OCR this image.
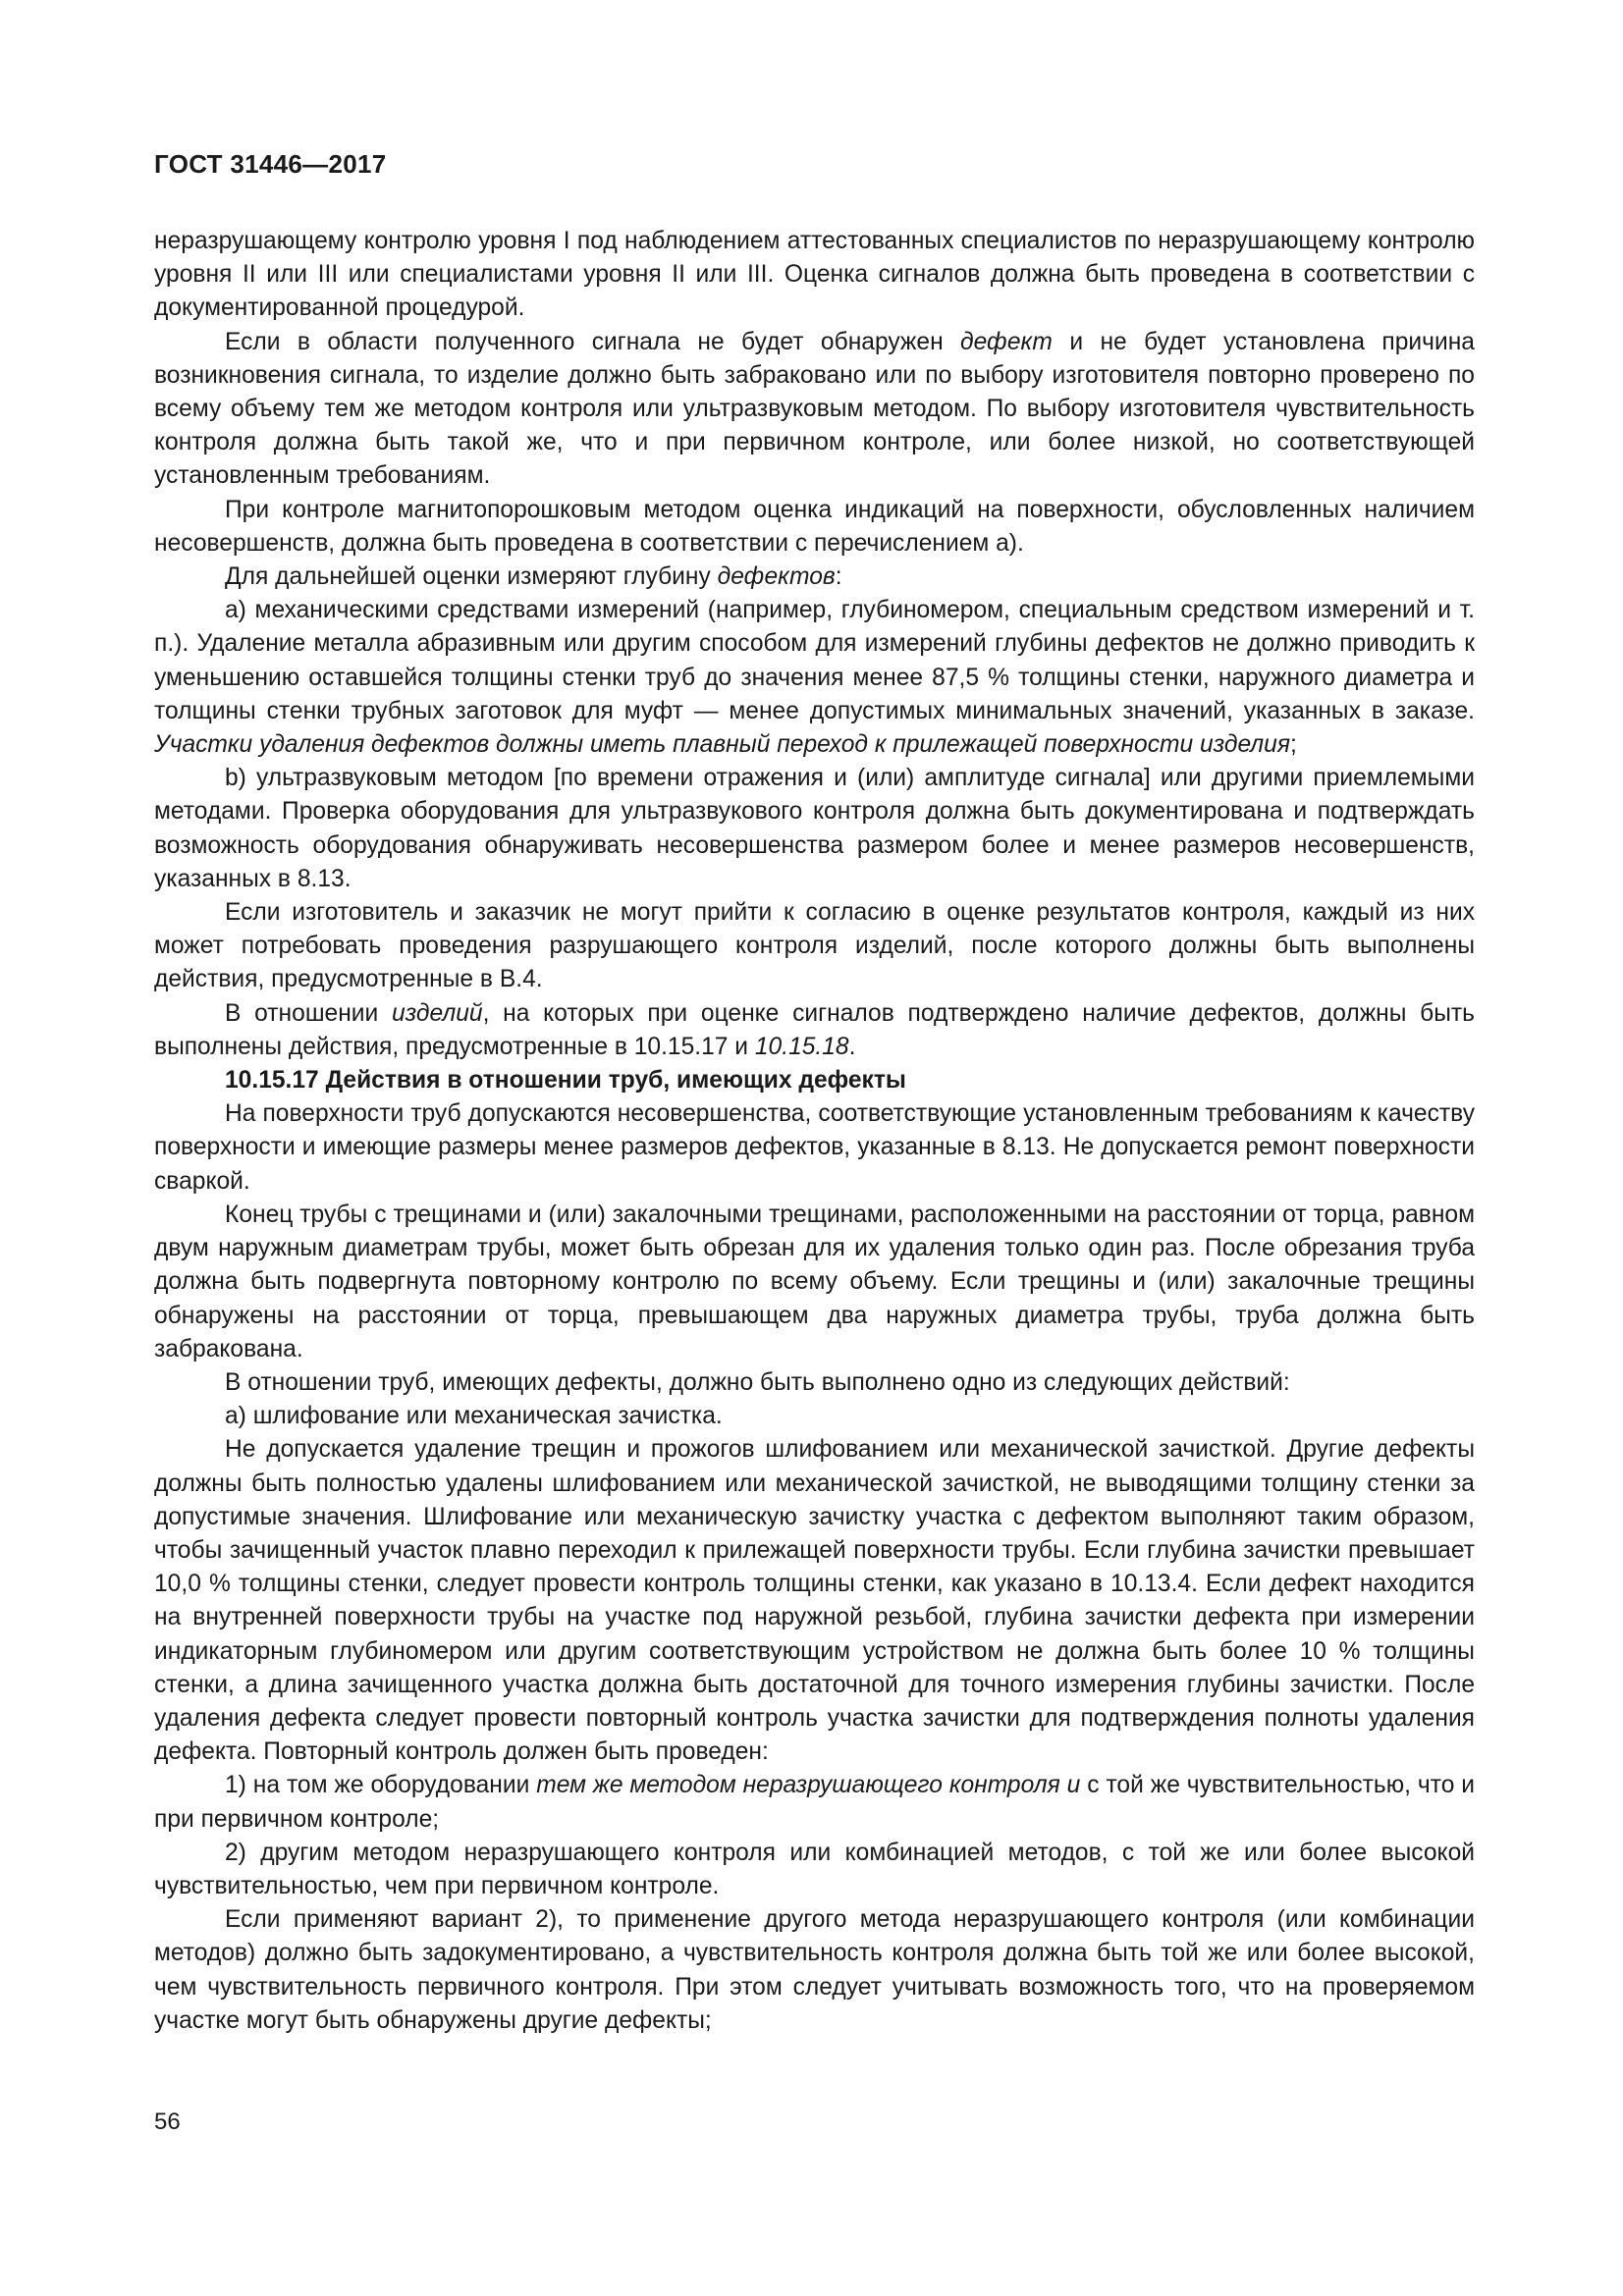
ГОСТ 31446—2017

неразрушающему контролю уровня I под наблюдением аттестованных специалистов по неразрушающему контролю уровня II или III или специалистами уровня II или III. Оценка сигналов должна быть проведена в соответствии с документированной процедурой.

Если в области полученного сигнала не будет обнаружен дефект и не будет установлена причина возникновения сигнала, то изделие должно быть забраковано или по выбору изготовителя повторно проверено по всему объему тем же методом контроля или ультразвуковым методом. По выбору изготовителя чувствительность контроля должна быть такой же, что и при первичном контроле, или более низкой, но соответствующей установленным требованиям.

При контроле магнитопорошковым методом оценка индикаций на поверхности, обусловленных наличием несовершенств, должна быть проведена в соответствии с перечислением а).

Для дальнейшей оценки измеряют глубину дефектов:

a) механическими средствами измерений (например, глубиномером, специальным средством измерений и т. п.). Удаление металла абразивным или другим способом для измерений глубины дефектов не должно приводить к уменьшению оставшейся толщины стенки труб до значения менее 87,5 % толщины стенки, наружного диаметра и толщины стенки трубных заготовок для муфт — менее допустимых минимальных значений, указанных в заказе. Участки удаления дефектов должны иметь плавный переход к прилежащей поверхности изделия;

b) ультразвуковым методом [по времени отражения и (или) амплитуде сигнала] или другими приемлемыми методами. Проверка оборудования для ультразвукового контроля должна быть документирована и подтверждать возможность оборудования обнаруживать несовершенства размером более и менее размеров несовершенств, указанных в 8.13.

Если изготовитель и заказчик не могут прийти к согласию в оценке результатов контроля, каждый из них может потребовать проведения разрушающего контроля изделий, после которого должны быть выполнены действия, предусмотренные в В.4.

В отношении изделий, на которых при оценке сигналов подтверждено наличие дефектов, должны быть выполнены действия, предусмотренные в 10.15.17 и 10.15.18.

10.15.17 Действия в отношении труб, имеющих дефекты

На поверхности труб допускаются несовершенства, соответствующие установленным требованиям к качеству поверхности и имеющие размеры менее размеров дефектов, указанные в 8.13. Не допускается ремонт поверхности сваркой.

Конец трубы с трещинами и (или) закалочными трещинами, расположенными на расстоянии от торца, равном двум наружным диаметрам трубы, может быть обрезан для их удаления только один раз. После обрезания труба должна быть подвергнута повторному контролю по всему объему. Если трещины и (или) закалочные трещины обнаружены на расстоянии от торца, превышающем два наружных диаметра трубы, труба должна быть забракована.

В отношении труб, имеющих дефекты, должно быть выполнено одно из следующих действий:

a) шлифование или механическая зачистка.

Не допускается удаление трещин и прожогов шлифованием или механической зачисткой. Другие дефекты должны быть полностью удалены шлифованием или механической зачисткой, не выводящими толщину стенки за допустимые значения. Шлифование или механическую зачистку участка с дефектом выполняют таким образом, чтобы зачищенный участок плавно переходил к прилежащей поверхности трубы. Если глубина зачистки превышает 10,0 % толщины стенки, следует провести контроль толщины стенки, как указано в 10.13.4. Если дефект находится на внутренней поверхности трубы на участке под наружной резьбой, глубина зачистки дефекта при измерении индикаторным глубиномером или другим соответствующим устройством не должна быть более 10 % толщины стенки, а длина зачищенного участка должна быть достаточной для точного измерения глубины зачистки. После удаления дефекта следует провести повторный контроль участка зачистки для подтверждения полноты удаления дефекта. Повторный контроль должен быть проведен:

1) на том же оборудовании тем же методом неразрушающего контроля и с той же чувствительностью, что и при первичном контроле;

2) другим методом неразрушающего контроля или комбинацией методов, с той же или более высокой чувствительностью, чем при первичном контроле.

Если применяют вариант 2), то применение другого метода неразрушающего контроля (или комбинации методов) должно быть задокументировано, а чувствительность контроля должна быть той же или более высокой, чем чувствительность первичного контроля. При этом следует учитывать возможность того, что на проверяемом участке могут быть обнаружены другие дефекты;

56
